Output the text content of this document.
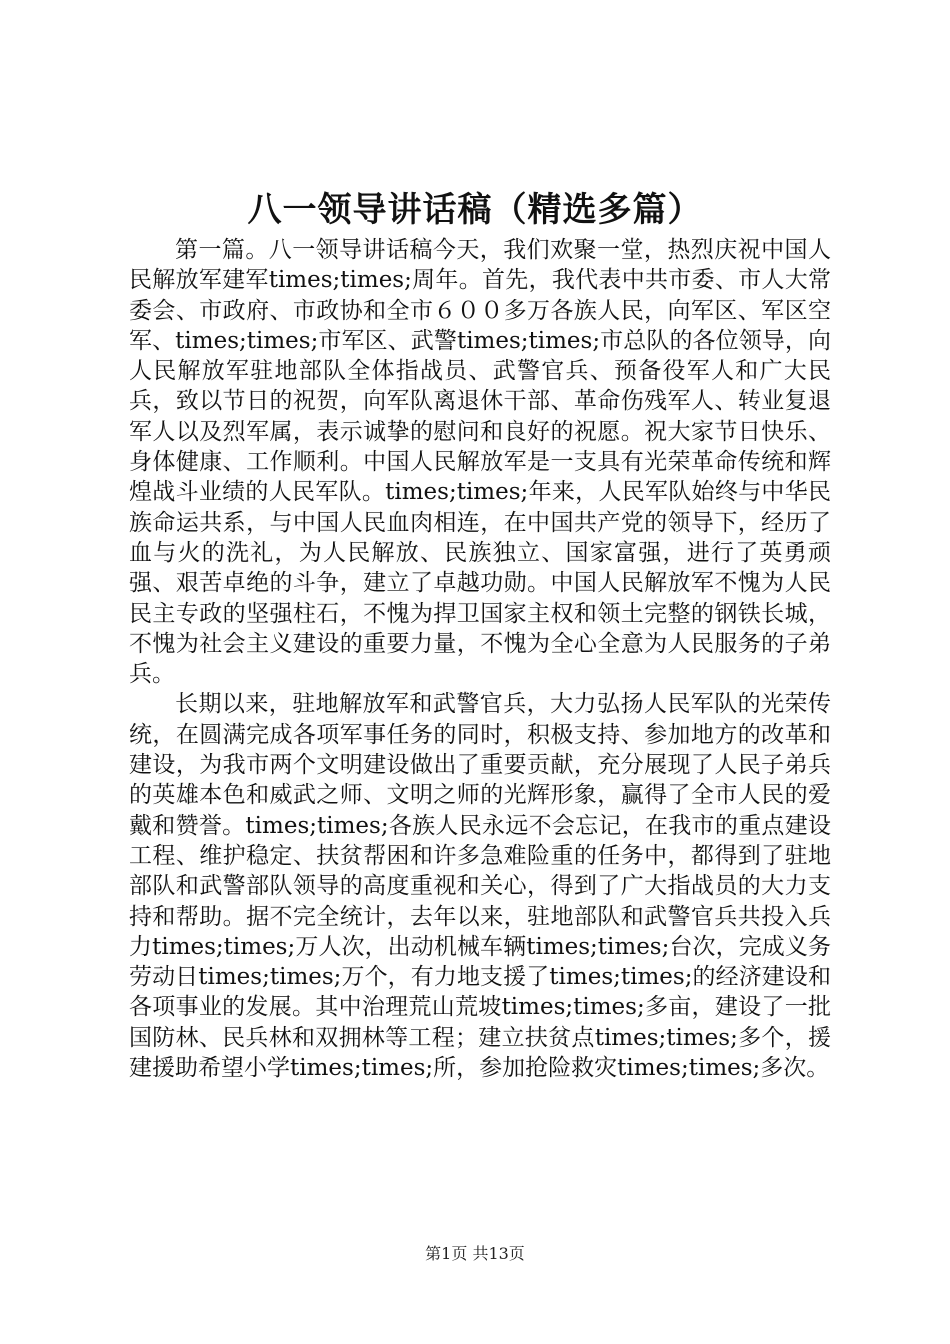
八一领导讲话稿（精选多篇）

第一篇。八一领导讲话稿今天，我们欢聚一堂，热烈庆祝中国人民解放军建军times;times;周年。首先，我代表中共市委、市人大常委会、市政府、市政协和全市６００多万各族人民，向军区、军区空军、times;times;市军区、武警times;times;市总队的各位领导，向人民解放军驻地部队全体指战员、武警官兵、预备役军人和广大民兵，致以节日的祝贺，向军队离退休干部、革命伤残军人、转业复退军人以及烈军属，表示诚挚的慰问和良好的祝愿。祝大家节日快乐、身体健康、工作顺利。中国人民解放军是一支具有光荣革命传统和辉煌战斗业绩的人民军队。times;times;年来，人民军队始终与中华民族命运共系，与中国人民血肉相连，在中国共产党的领导下，经历了血与火的洗礼，为人民解放、民族独立、国家富强，进行了英勇顽强、艰苦卓绝的斗争，建立了卓越功勋。中国人民解放军不愧为人民民主专政的坚强柱石，不愧为捍卫国家主权和领土完整的钢铁长城，不愧为社会主义建设的重要力量，不愧为全心全意为人民服务的子弟兵。

长期以来，驻地解放军和武警官兵，大力弘扬人民军队的光荣传统，在圆满完成各项军事任务的同时，积极支持、参加地方的改革和建设，为我市两个文明建设做出了重要贡献，充分展现了人民子弟兵的英雄本色和威武之师、文明之师的光辉形象，赢得了全市人民的爱戴和赞誉。times;times;各族人民永远不会忘记，在我市的重点建设工程、维护稳定、扶贫帮困和许多急难险重的任务中，都得到了驻地部队和武警部队领导的高度重视和关心，得到了广大指战员的大力支持和帮助。据不完全统计，去年以来，驻地部队和武警官兵共投入兵力times;times;万人次，出动机械车辆times;times;台次，完成义务劳动日times;times;万个，有力地支援了times;times;的经济建设和各项事业的发展。其中治理荒山荒坡times;times;多亩，建设了一批国防林、民兵林和双拥林等工程；建立扶贫点times;times;多个，援建援助希望小学times;times;所，参加抢险救灾times;times;多次。

第1页 共13页
